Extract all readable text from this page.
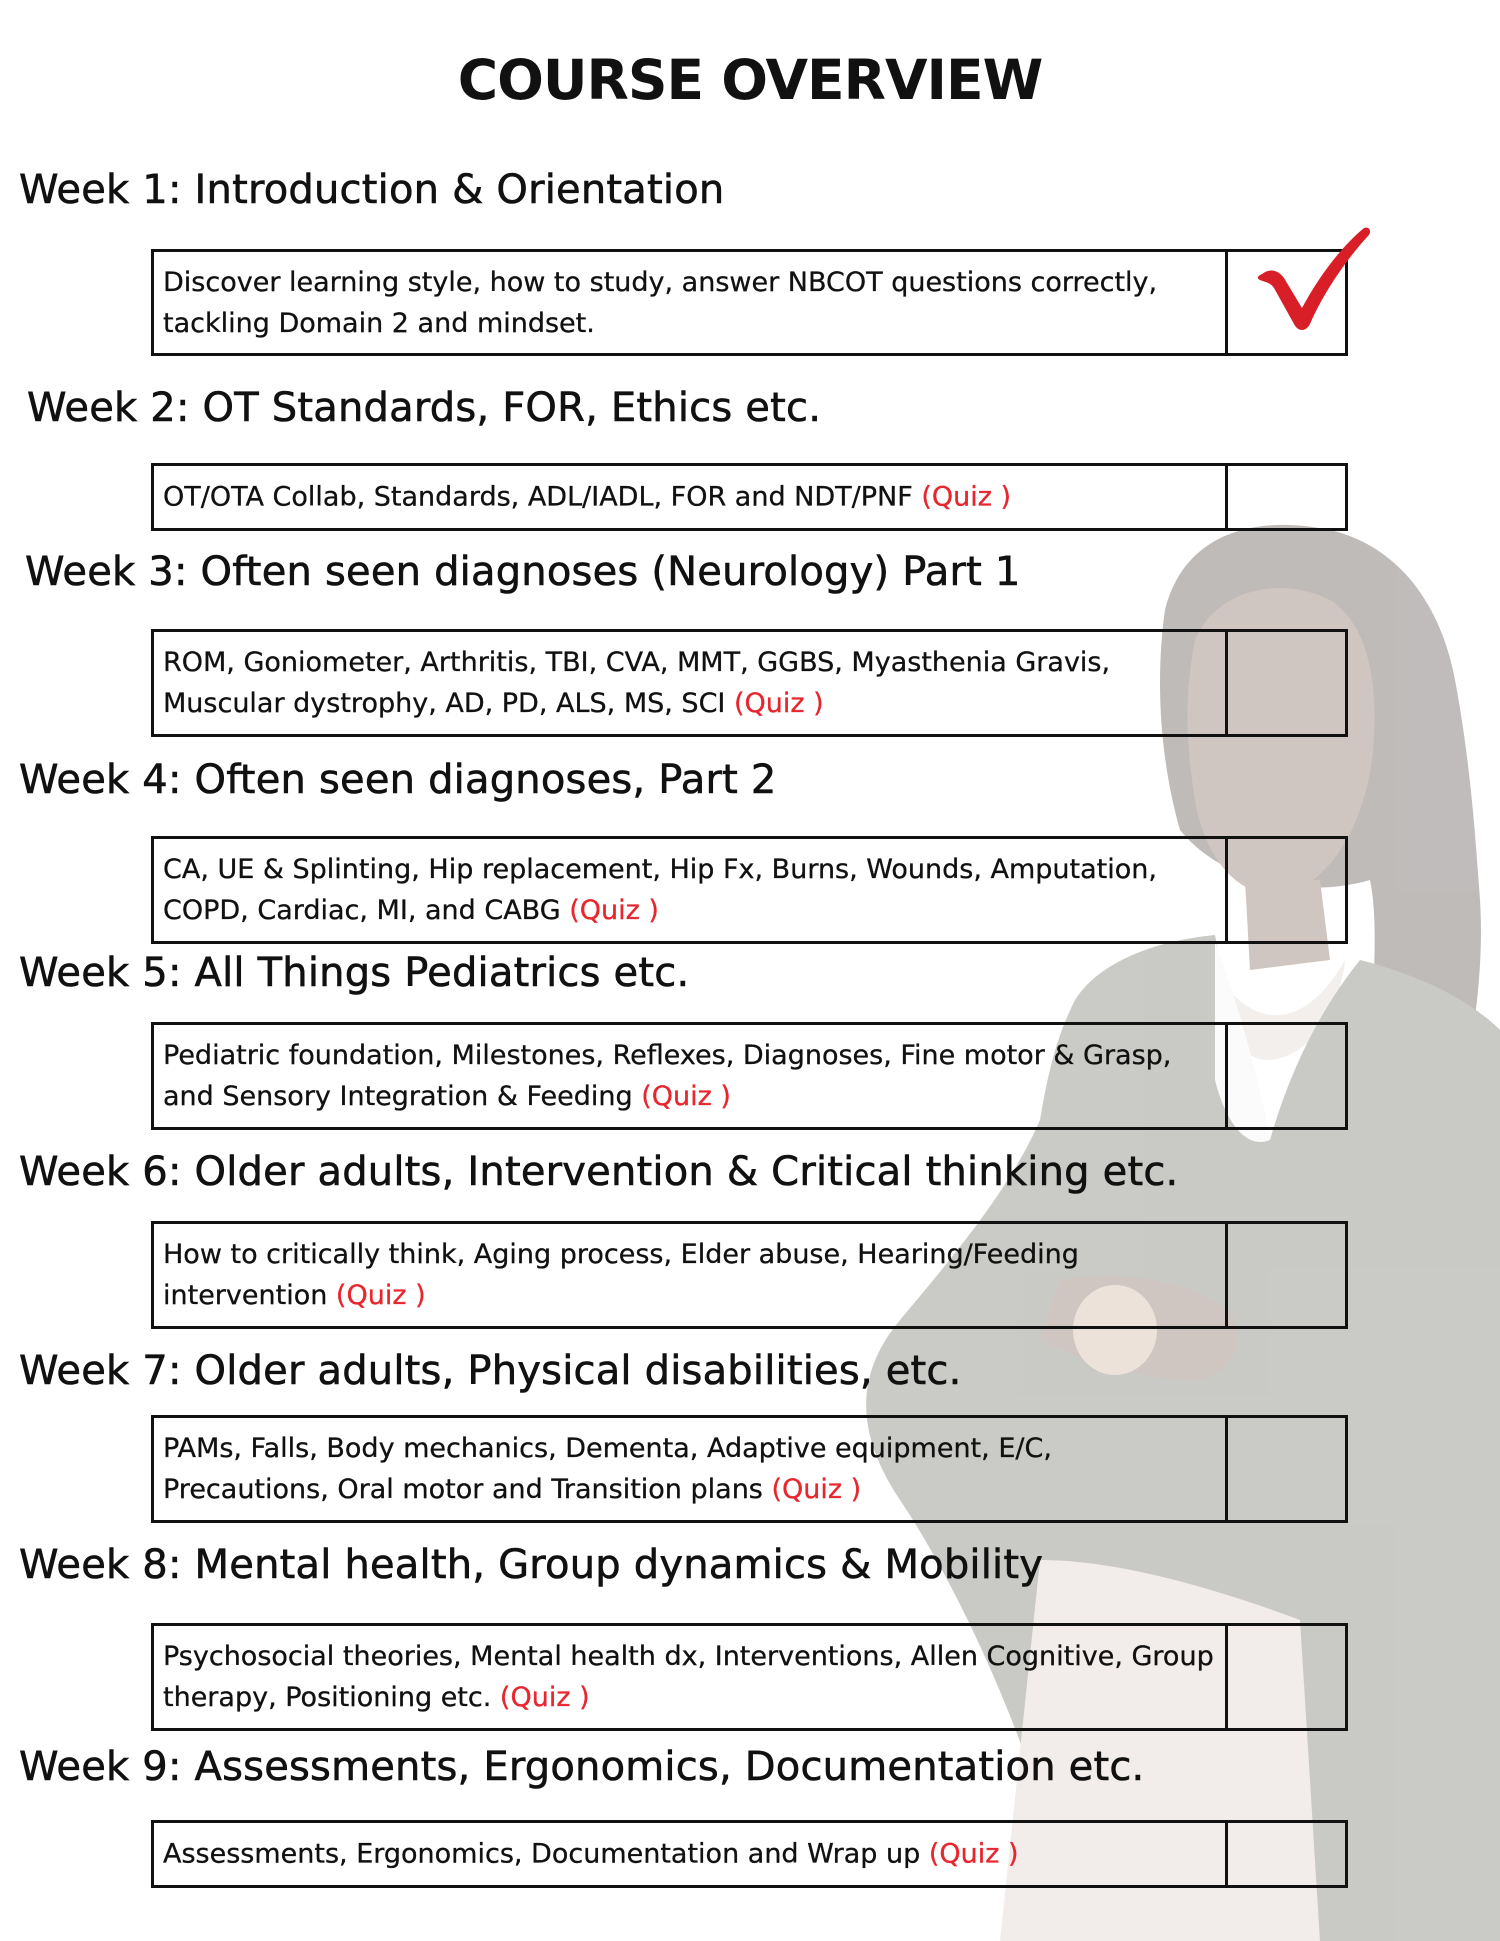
COURSE OVERVIEW
Week 1: Introduction & Orientation
Discover learning style, how to study, answer NBCOT questions correctly, tackling Domain 2 and mindset.
Week 2: OT Standards, FOR, Ethics etc.
OT/OTA Collab, Standards, ADL/IADL, FOR and NDT/PNF (Quiz )
Week 3: Often seen diagnoses (Neurology) Part 1
ROM, Goniometer, Arthritis, TBI, CVA, MMT, GGBS, Myasthenia Gravis, Muscular dystrophy, AD, PD, ALS, MS, SCI (Quiz )
Week 4: Often seen diagnoses, Part 2
CA, UE & Splinting, Hip replacement, Hip Fx, Burns, Wounds, Amputation, COPD, Cardiac, MI, and CABG (Quiz )
Week 5: All Things Pediatrics etc.
Pediatric foundation, Milestones, Reflexes, Diagnoses, Fine motor & Grasp, and Sensory Integration & Feeding (Quiz )
Week 6: Older adults, Intervention & Critical thinking etc.
How to critically think, Aging process, Elder abuse, Hearing/Feeding intervention (Quiz )
Week 7: Older adults, Physical disabilities, etc.
PAMs, Falls, Body mechanics, Dementa, Adaptive equipment, E/C, Precautions, Oral motor and Transition plans (Quiz )
Week 8: Mental health, Group dynamics & Mobility
Psychosocial theories, Mental health dx, Interventions, Allen Cognitive, Group therapy, Positioning etc. (Quiz )
Week 9: Assessments, Ergonomics, Documentation etc.
Assessments, Ergonomics, Documentation and Wrap up (Quiz )
